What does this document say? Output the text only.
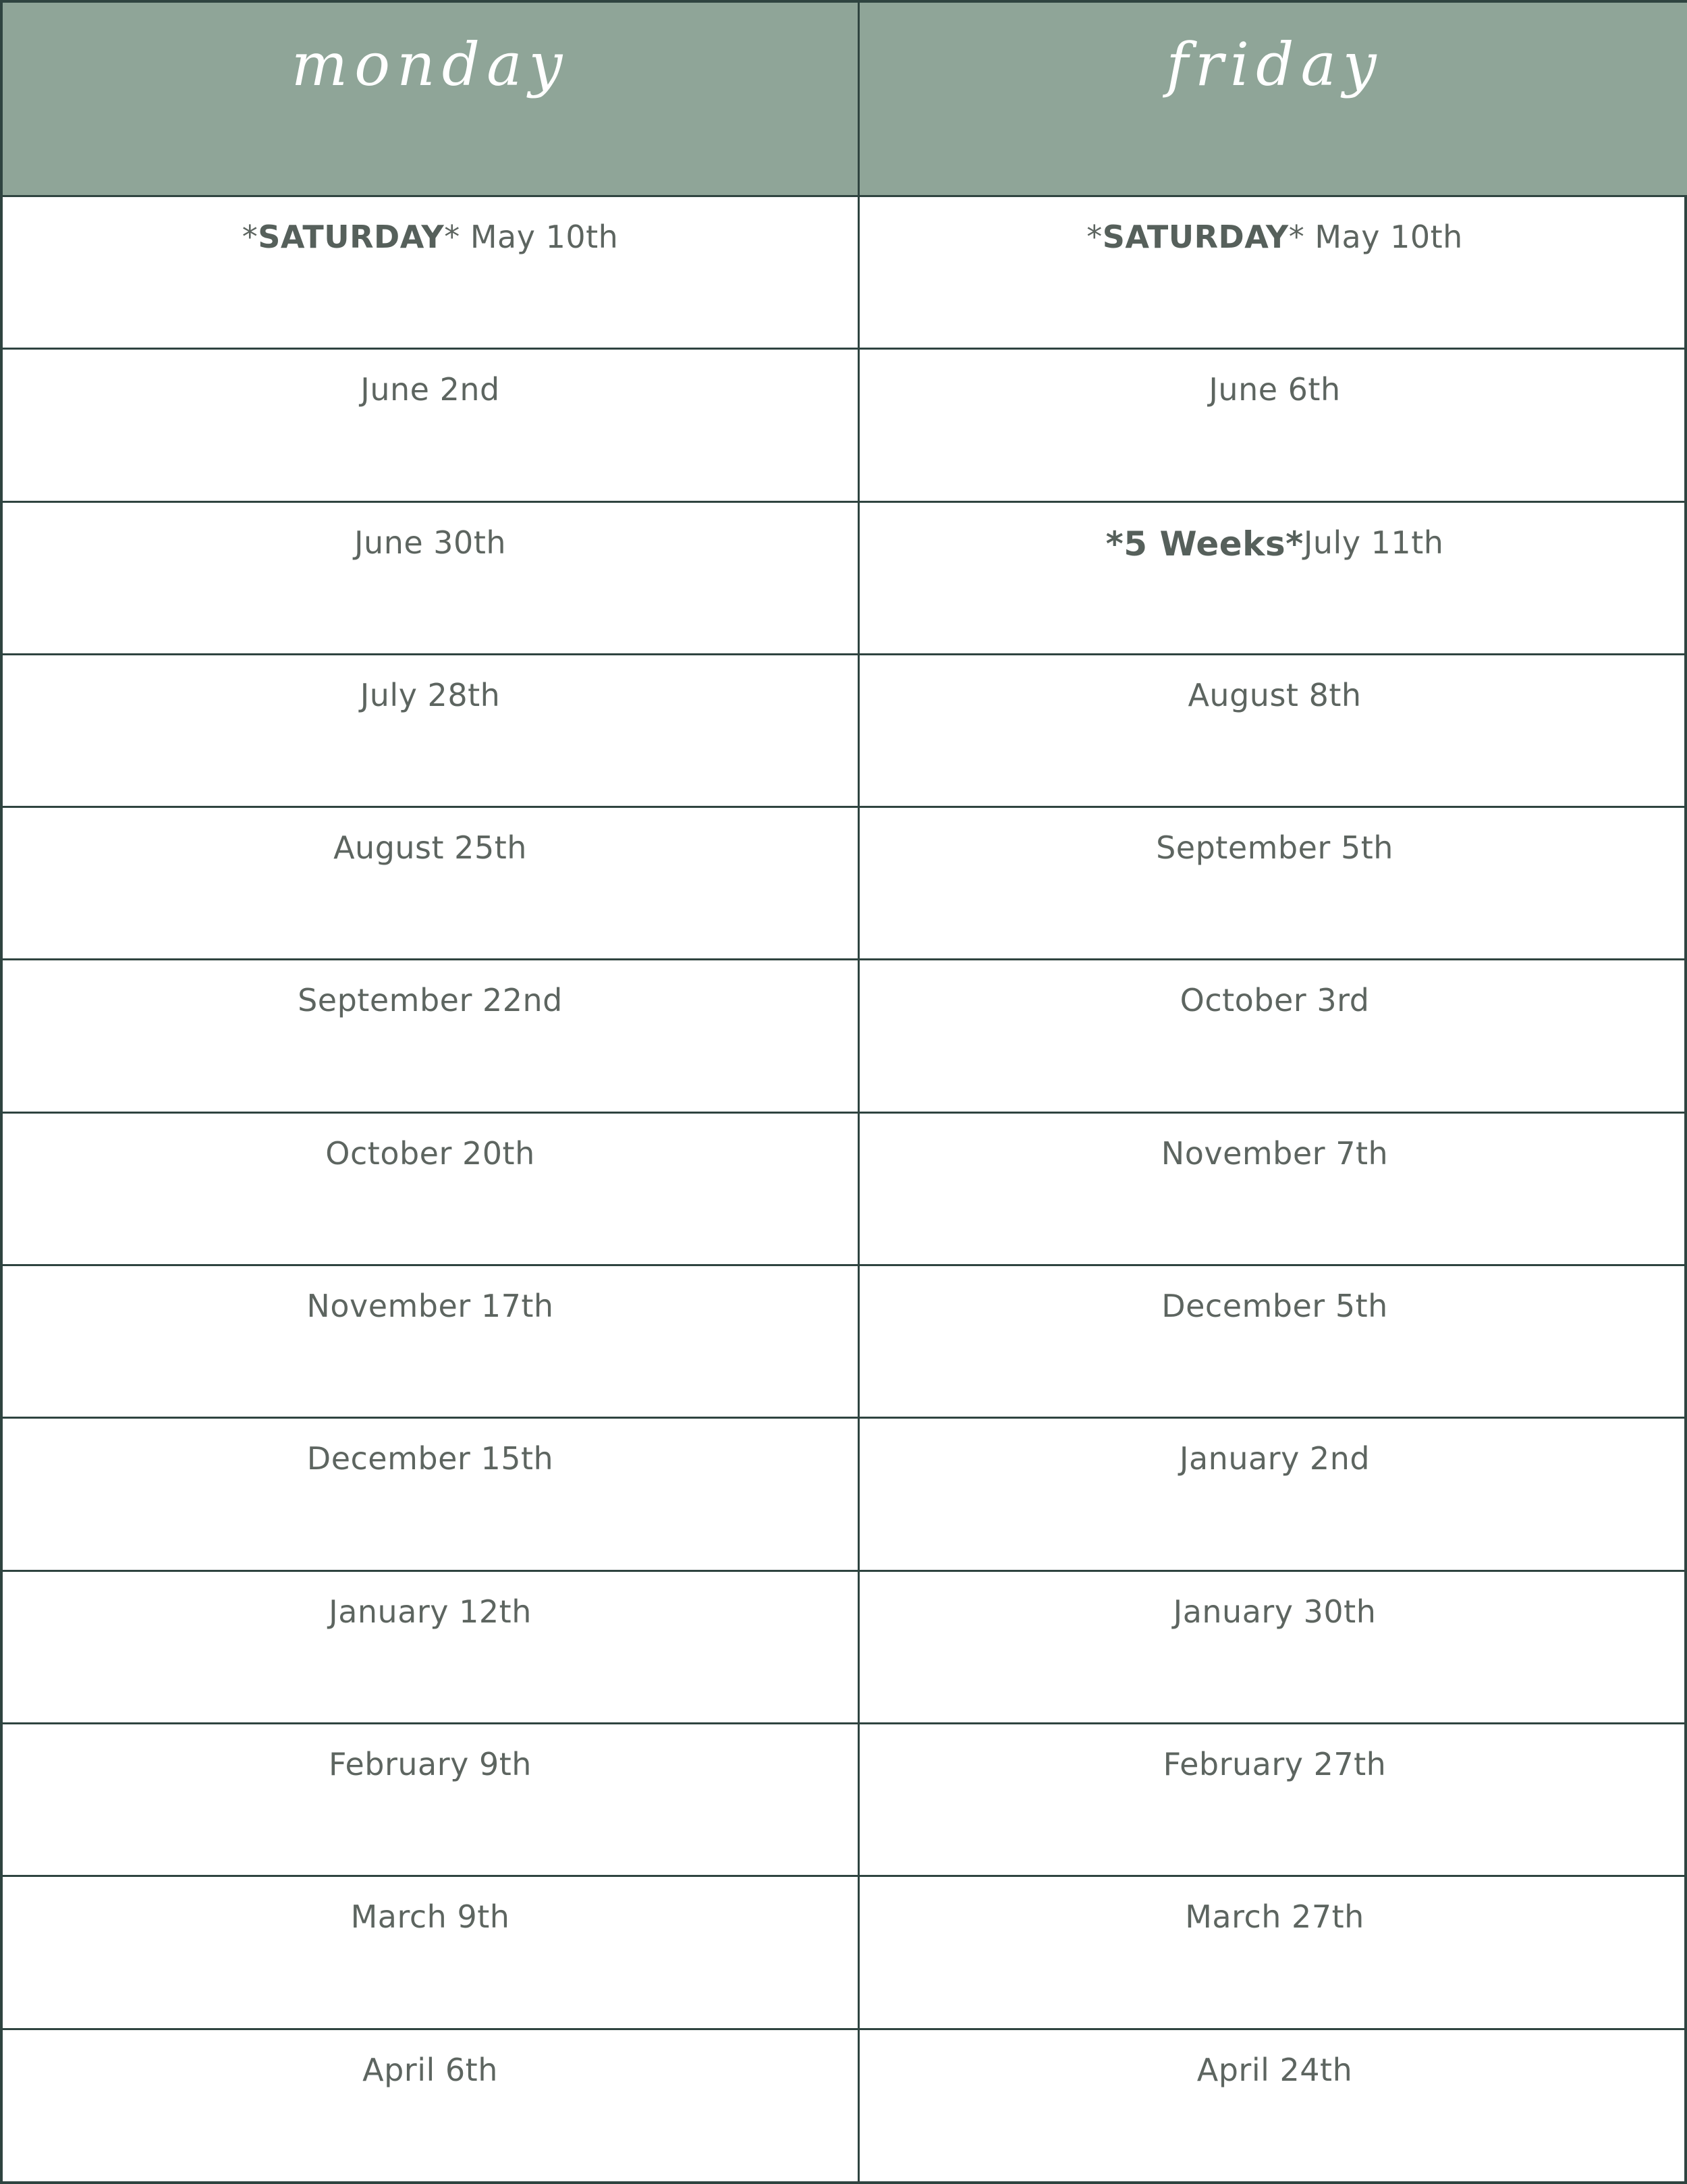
monday	friday
* SATURDAY * May 10th	* SATURDAY * May 10th
June 2nd	June 6th
June 30th	*5 Weeks* July 11th
July 28th	August 8th
August 25th	September 5th
September 22nd	October 3rd
October 20th	November 7th
November 17th	December 5th
December 15th	January 2nd
January 12th	January 30th
February 9th	February 27th
March 9th	March 27th
April 6th	April 24th
